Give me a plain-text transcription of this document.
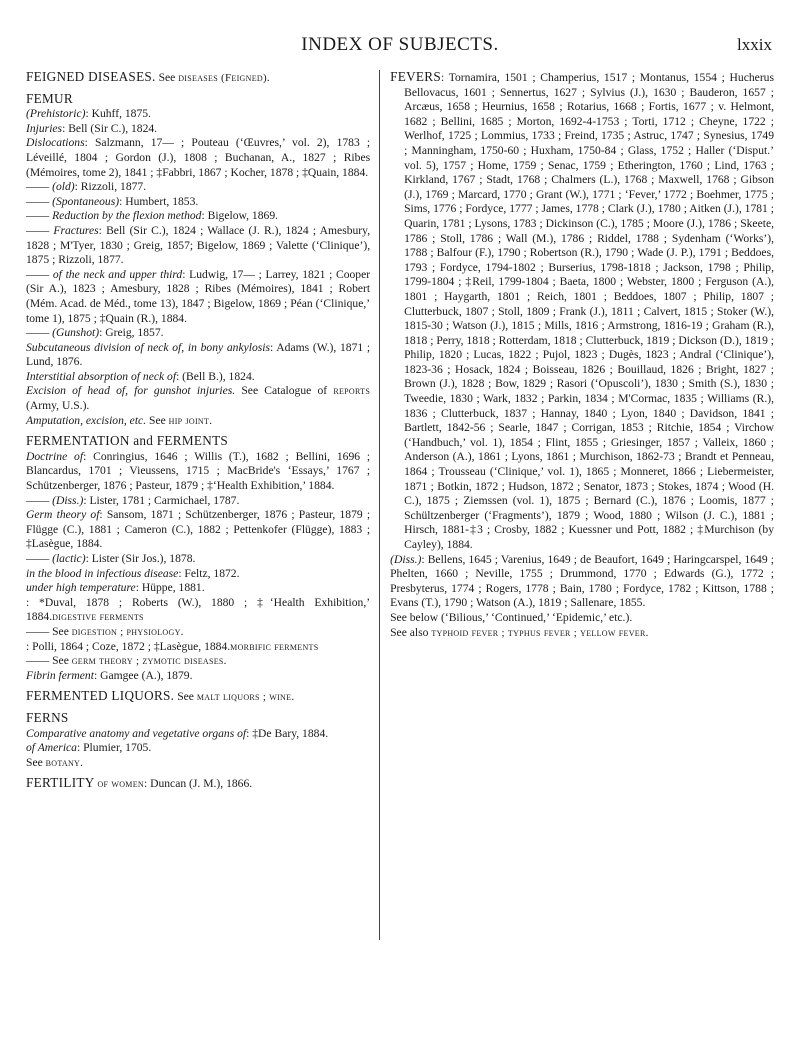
INDEX OF SUBJECTS.	lxxix

FEIGNED DISEASES. See diseases (Feigned).

FEMUR

(Prehistoric): Kuhff, 1875.

Injuries: Bell (Sir C.), 1824.

Dislocations: Salzmann, 17— ; Pouteau (‘Œuvres,’ vol. 2), 1783 ; Léveillé, 1804 ; Gordon (J.), 1808 ; Buchanan, A., 1827 ; Ribes (Mémoires, tome 2), 1841 ; ‡Fabbri, 1867 ; Kocher, 1878 ; ‡Quain, 1884.

—— (old): Rizzoli, 1877.

—— (Spontaneous): Humbert, 1853.

—— Reduction by the flexion method: Bigelow, 1869.

—— Fractures: Bell (Sir C.), 1824 ; Wallace (J. R.), 1824 ; Amesbury, 1828 ; M'Tyer, 1830 ; Greig, 1857; Bigelow, 1869 ; Valette (‘Clinique’), 1875 ; Rizzoli, 1877.

—— of the neck and upper third: Ludwig, 17— ; Larrey, 1821 ; Cooper (Sir A.), 1823 ; Amesbury, 1828 ; Ribes (Mémoires), 1841 ; Robert (Mém. Acad. de Méd., tome 13), 1847 ; Bigelow, 1869 ; Péan (‘Clinique,’ tome 1), 1875 ; ‡Quain (R.), 1884.

—— (Gunshot): Greig, 1857.

Subcutaneous division of neck of, in bony ankylosis: Adams (W.), 1871 ; Lund, 1876.

Interstitial absorption of neck of: (Bell B.), 1824.

Excision of head of, for gunshot injuries. See Catalogue of reports (Army, U.S.).

Amputation, excision, etc. See hip joint.

FERMENTATION and FERMENTS

Doctrine of: Conringius, 1646 ; Willis (T.), 1682 ; Bellini, 1696 ; Blancardus, 1701 ; Vieussens, 1715 ; MacBride's ‘Essays,’ 1767 ; Schützenberger, 1876 ; Pasteur, 1879 ; ‡‘Health Exhibition,’ 1884.

—— (Diss.): Lister, 1781 ; Carmichael, 1787.

Germ theory of: Sansom, 1871 ; Schützenberger, 1876 ; Pasteur, 1879 ; Flügge (C.), 1881 ; Cameron (C.), 1882 ; Pettenkofer (Flügge), 1883 ; ‡Lasègue, 1884.

—— (lactic): Lister (Sir Jos.), 1878.

in the blood in infectious disease: Feltz, 1872.

under high temperature: Hüppe, 1881.

: *Duval, 1878 ; Roberts (W.), 1880 ; ‡‘Health Exhibition,’ 1884.digestive ferments

—— See digestion ; physiology.

: Polli, 1864 ; Coze, 1872 ; ‡Lasègue, 1884.morbific ferments

—— See germ theory ; zymotic diseases.

Fibrin ferment: Gamgee (A.), 1879.

FERMENTED LIQUORS. See malt liquors ; wine.

FERNS

Comparative anatomy and vegetative organs of: ‡De Bary, 1884.

of America: Plumier, 1705.

See botany.

FERTILITY of women: Duncan (J. M.), 1866.

FEVERS: Tornamira, 1501 ; Champerius, 1517 ; Montanus, 1554 ; Hucherus Bellovacus, 1601 ; Sennertus, 1627 ; Sylvius (J.), 1630 ; Bauderon, 1657 ; Arcæus, 1658 ; Heurnius, 1658 ; Rotarius, 1668 ; Fortis, 1677 ; v. Helmont, 1682 ; Bellini, 1685 ; Morton, 1692-4-1753 ; Torti, 1712 ; Cheyne, 1722 ; Werlhof, 1725 ; Lommius, 1733 ; Freind, 1735 ; Astruc, 1747 ; Synesius, 1749 ; Manningham, 1750-60 ; Huxham, 1750-84 ; Glass, 1752 ; Haller (‘Disput.’ vol. 5), 1757 ; Home, 1759 ; Senac, 1759 ; Etherington, 1760 ; Lind, 1763 ; Kirkland, 1767 ; Stadt, 1768 ; Chalmers (L.), 1768 ; Maxwell, 1768 ; Gibson (J.), 1769 ; Marcard, 1770 ; Grant (W.), 1771 ; ‘Fever,’ 1772 ; Boehmer, 1775 ; Sims, 1776 ; Fordyce, 1777 ; James, 1778 ; Clark (J.), 1780 ; Aitken (J.), 1781 ; Quarin, 1781 ; Lysons, 1783 ; Dickinson (C.), 1785 ; Moore (J.), 1786 ; Skeete, 1786 ; Stoll, 1786 ; Wall (M.), 1786 ; Riddel, 1788 ; Sydenham (‘Works’), 1788 ; Balfour (F.), 1790 ; Robertson (R.), 1790 ; Wade (J. P.), 1791 ; Beddoes, 1793 ; Fordyce, 1794-1802 ; Burserius, 1798-1818 ; Jackson, 1798 ; Philip, 1799-1804 ; ‡Reil, 1799-1804 ; Baeta, 1800 ; Webster, 1800 ; Ferguson (A.), 1801 ; Haygarth, 1801 ; Reich, 1801 ; Beddoes, 1807 ; Philip, 1807 ; Clutterbuck, 1807 ; Stoll, 1809 ; Frank (J.), 1811 ; Calvert, 1815 ; Stoker (W.), 1815-30 ; Watson (J.), 1815 ; Mills, 1816 ; Armstrong, 1816-19 ; Graham (R.), 1818 ; Perry, 1818 ; Rotterdam, 1818 ; Clutterbuck, 1819 ; Dickson (D.), 1819 ; Philip, 1820 ; Lucas, 1822 ; Pujol, 1823 ; Dugès, 1823 ; Andral (‘Clinique’), 1823-36 ; Hosack, 1824 ; Boisseau, 1826 ; Bouillaud, 1826 ; Bright, 1827 ; Brown (J.), 1828 ; Bow, 1829 ; Rasori (‘Opuscoli’), 1830 ; Smith (S.), 1830 ; Tweedie, 1830 ; Wark, 1832 ; Parkin, 1834 ; M'Cormac, 1835 ; Williams (R.), 1836 ; Clutterbuck, 1837 ; Hannay, 1840 ; Lyon, 1840 ; Davidson, 1841 ; Bartlett, 1842-56 ; Searle, 1847 ; Corrigan, 1853 ; Ritchie, 1854 ; Virchow (‘Handbuch,’ vol. 1), 1854 ; Flint, 1855 ; Griesinger, 1857 ; Valleix, 1860 ; Anderson (A.), 1861 ; Lyons, 1861 ; Murchison, 1862-73 ; Brandt et Penneau, 1864 ; Trousseau (‘Clinique,’ vol. 1), 1865 ; Monneret, 1866 ; Liebermeister, 1871 ; Botkin, 1872 ; Hudson, 1872 ; Senator, 1873 ; Stokes, 1874 ; Wood (H. C.), 1875 ; Ziemssen (vol. 1), 1875 ; Bernard (C.), 1876 ; Loomis, 1877 ; Schültzenberger (‘Fragments’), 1879 ; Wood, 1880 ; Wilson (J. C.), 1881 ; Hirsch, 1881-‡3 ; Crosby, 1882 ; Kuessner und Pott, 1882 ; ‡Murchison (by Cayley), 1884.

(Diss.): Bellens, 1645 ; Varenius, 1649 ; de Beaufort, 1649 ; Haringcarspel, 1649 ; Phelten, 1660 ; Neville, 1755 ; Drummond, 1770 ; Edwards (G.), 1772 ; Presbyterus, 1774 ; Rogers, 1778 ; Bain, 1780 ; Fordyce, 1782 ; Kittson, 1788 ; Evans (T.), 1790 ; Watson (A.), 1819 ; Sallenare, 1855.

See below (‘Bilious,’ ‘Continued,’ ‘Epidemic,’ etc.).

See also typhoid fever ; typhus fever ; yellow fever.
